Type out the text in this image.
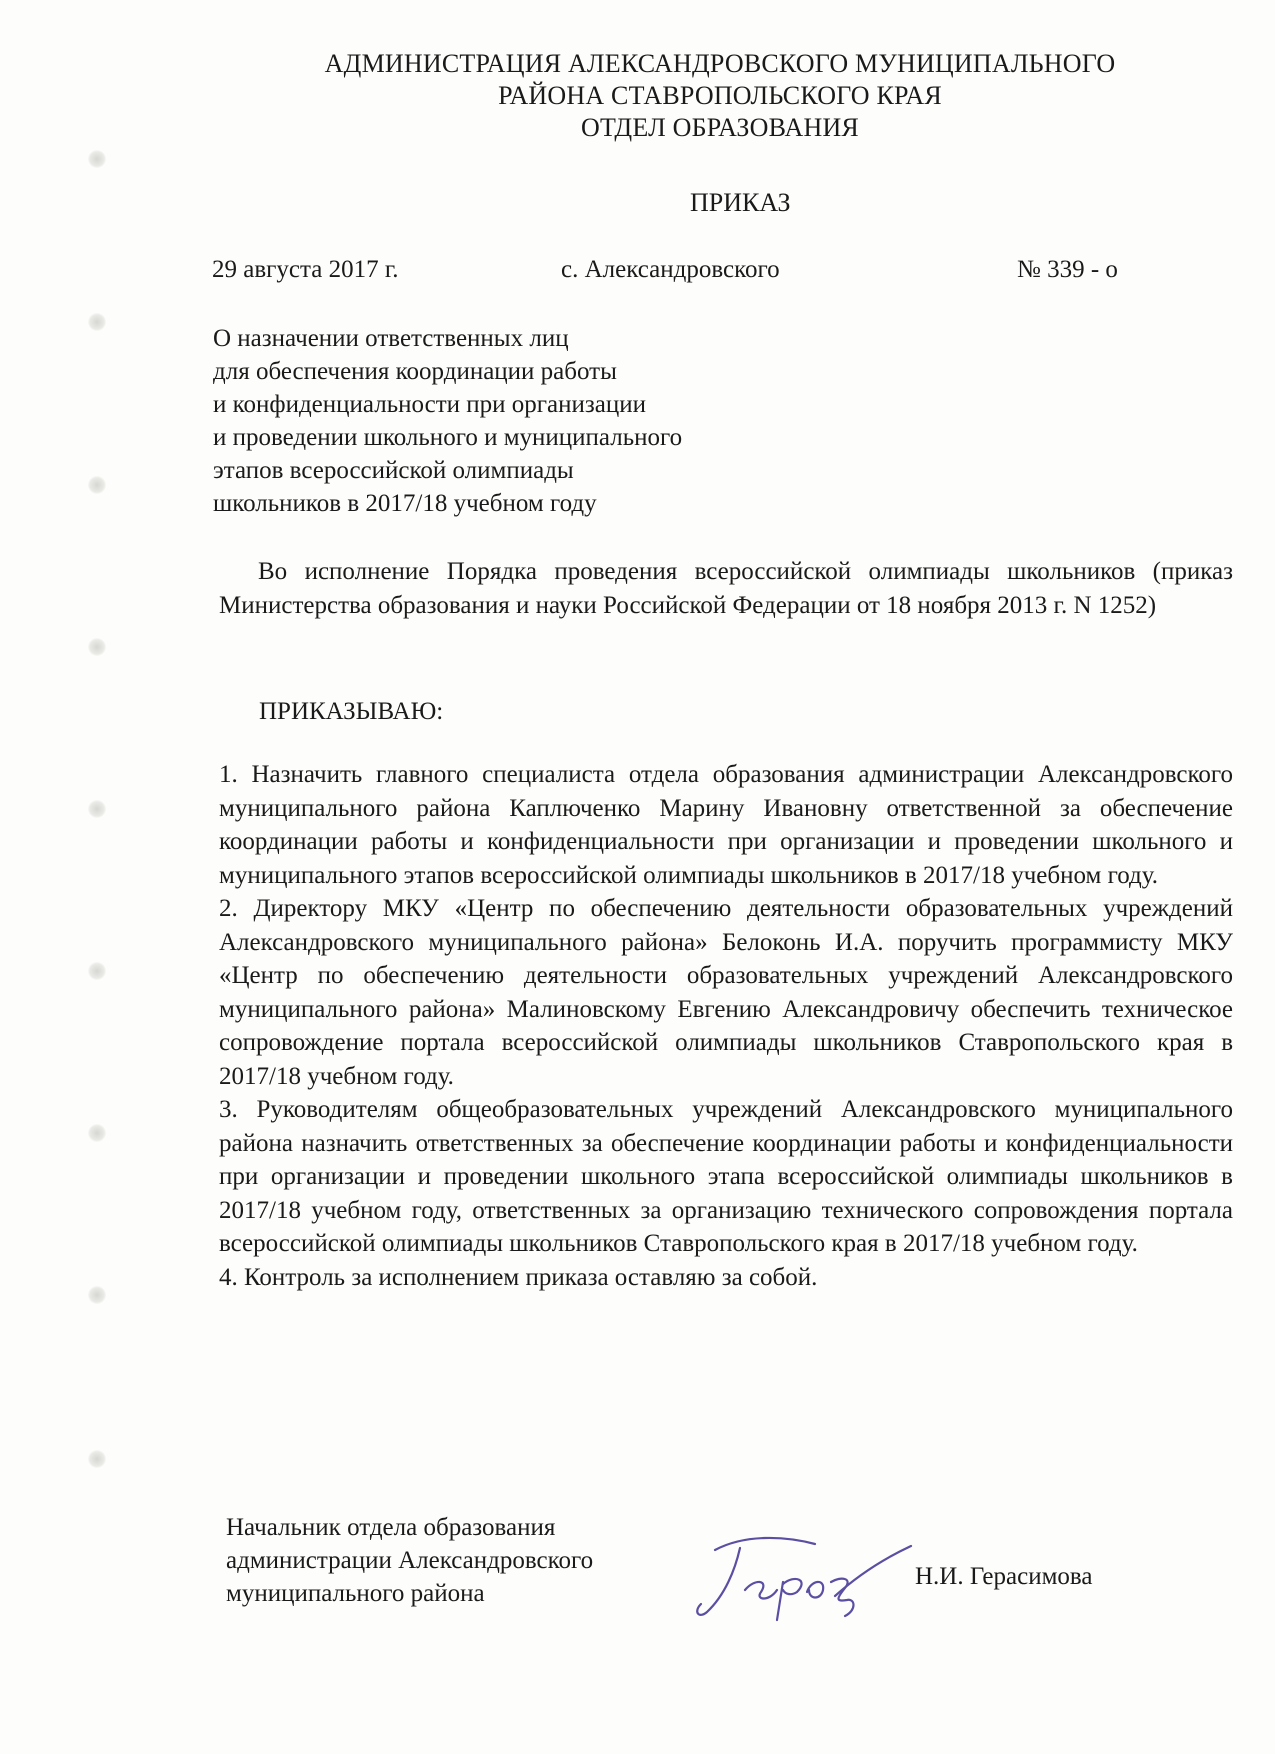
АДМИНИСТРАЦИЯ АЛЕКСАНДРОВСКОГО МУНИЦИПАЛЬНОГО
РАЙОНА СТАВРОПОЛЬСКОГО КРАЯ
ОТДЕЛ ОБРАЗОВАНИЯ
ПРИКАЗ
29 августа 2017 г.	с. Александровского	№ 339 - о
О назначении ответственных лиц
для обеспечения координации работы
и конфиденциальности при организации
и проведении школьного и муниципального
этапов всероссийской олимпиады
школьников в 2017/18 учебном году
Во исполнение Порядка проведения всероссийской олимпиады школьников (приказ Министерства образования и науки Российской Федерации от 18 ноября 2013 г. N 1252)
ПРИКАЗЫВАЮ:

1. Назначить главного специалиста отдела образования администрации Александровского муниципального района Каплюченко Марину Ивановну ответственной за обеспечение координации работы и конфиденциальности при организации и проведении школьного и муниципального этапов всероссийской олимпиады школьников в 2017/18 учебном году.

2. Директору МКУ «Центр по обеспечению деятельности образовательных учреждений Александровского муниципального района» Белоконь И.А. поручить программисту МКУ «Центр по обеспечению деятельности образовательных учреждений Александровского муниципального района» Малиновскому Евгению Александровичу обеспечить техническое сопровождение портала всероссийской олимпиады школьников Ставропольского края в 2017/18 учебном году.

3. Руководителям общеобразовательных учреждений Александровского муниципального района назначить ответственных за обеспечение координации работы и конфиденциальности при организации и проведении школьного этапа всероссийской олимпиады школьников в 2017/18 учебном году, ответственных за организацию технического сопровождения портала всероссийской олимпиады школьников Ставропольского края в 2017/18 учебном году.

4. Контроль за исполнением приказа оставляю за собой.

Начальник отдела образования
администрации Александровского
муниципального района
Н.И. Герасимова
